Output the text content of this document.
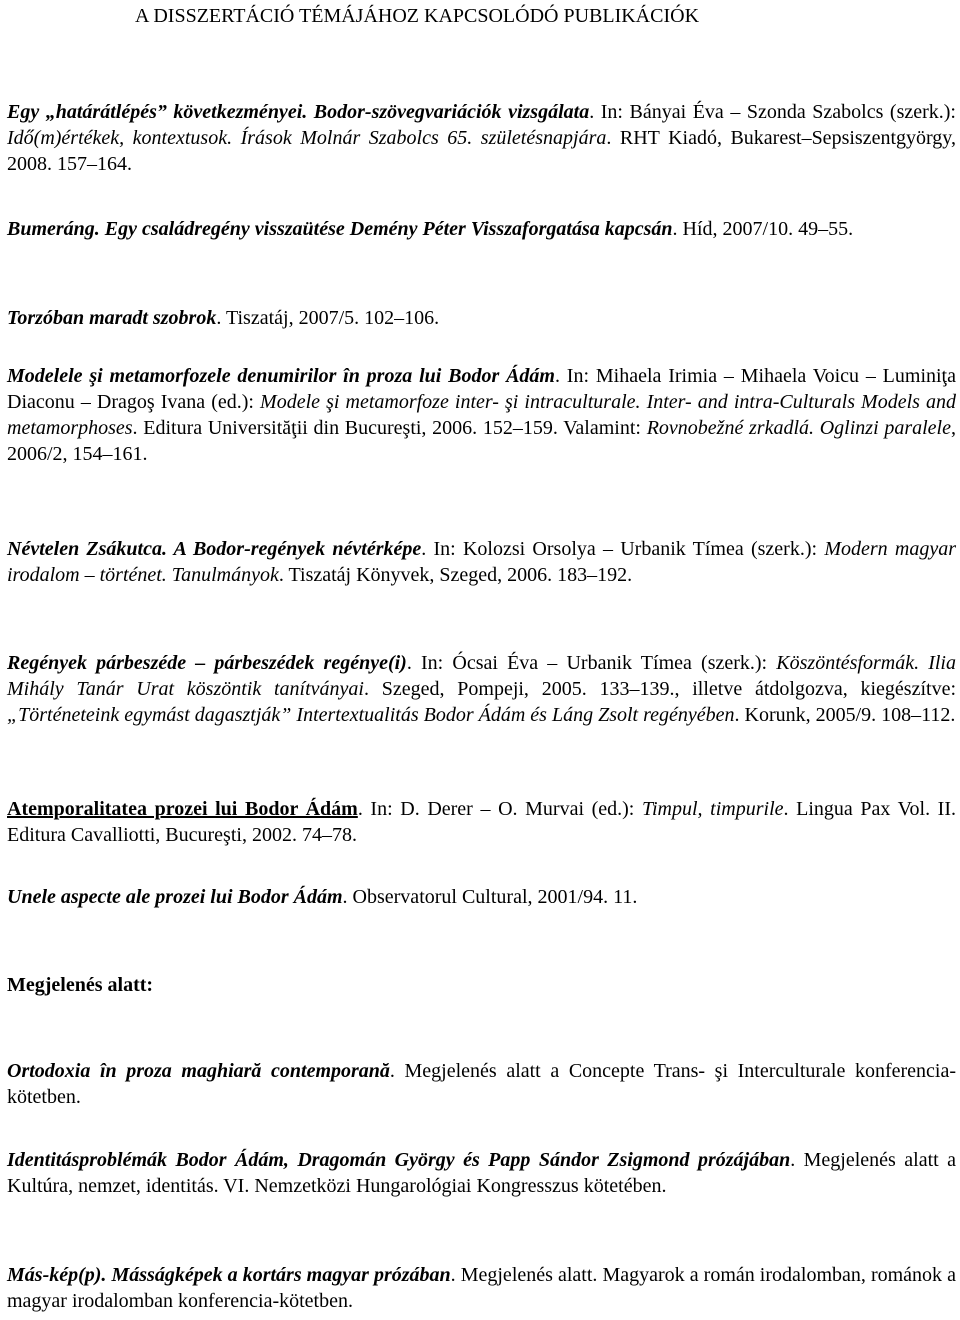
A DISSZERTÁCIÓ TÉMÁJÁHOZ KAPCSOLÓDÓ PUBLIKÁCIÓK
Egy „határátlépés” következményei. Bodor-szövegvariációk vizsgálata. In: Bányai Éva – Szonda Szabolcs (szerk.): Idő(m)értékek, kontextusok. Írások Molnár Szabolcs 65. születésnapjára. RHT Kiadó, Bukarest–Sepsiszentgyörgy, 2008. 157–164.
Bumeráng. Egy családregény visszaütése Demény Péter Visszaforgatása kapcsán. Híd, 2007/10. 49–55.
Torzóban maradt szobrok. Tiszatáj, 2007/5. 102–106.
Modelele şi metamorfozele denumirilor în proza lui Bodor Ádám. In: Mihaela Irimia – Mihaela Voicu – Luminiţa Diaconu – Dragoş Ivana (ed.): Modele şi metamorfoze inter- şi intraculturale. Inter- and intra-Culturals Models and metamorphoses. Editura Universităţii din Bucureşti, 2006. 152–159. Valamint: Rovnobežné zrkadlá. Oglinzi paralele, 2006/2, 154–161.
Névtelen Zsákutca. A Bodor-regények névtérképe. In: Kolozsi Orsolya – Urbanik Tímea (szerk.): Modern magyar irodalom – történet. Tanulmányok. Tiszatáj Könyvek, Szeged, 2006. 183–192.
Regények párbeszéde – párbeszédek regénye(i). In: Ócsai Éva – Urbanik Tímea (szerk.): Köszöntésformák. Ilia Mihály Tanár Urat köszöntik tanítványai. Szeged, Pompeji, 2005. 133–139., illetve átdolgozva, kiegészítve: „Történeteink egymást dagasztják” Intertextualitás Bodor Ádám és Láng Zsolt regényében. Korunk, 2005/9. 108–112.
Atemporalitatea prozei lui Bodor Ádám. In: D. Derer – O. Murvai (ed.): Timpul, timpurile. Lingua Pax Vol. II. Editura Cavalliotti, Bucureşti, 2002. 74–78.
Unele aspecte ale prozei lui Bodor Ádám. Observatorul Cultural, 2001/94. 11.
Megjelenés alatt:
Ortodoxia în proza maghiară contemporană. Megjelenés alatt a Concepte Trans- şi Interculturale konferencia-kötetben.
Identitásproblémák Bodor Ádám, Dragomán György és Papp Sándor Zsigmond prózájában. Megjelenés alatt a Kultúra, nemzet, identitás. VI. Nemzetközi Hungarológiai Kongresszus kötetében.
Más-kép(p). Másságképek a kortárs magyar prózában. Megjelenés alatt. Magyarok a román irodalomban, románok a magyar irodalomban konferencia-kötetben.
